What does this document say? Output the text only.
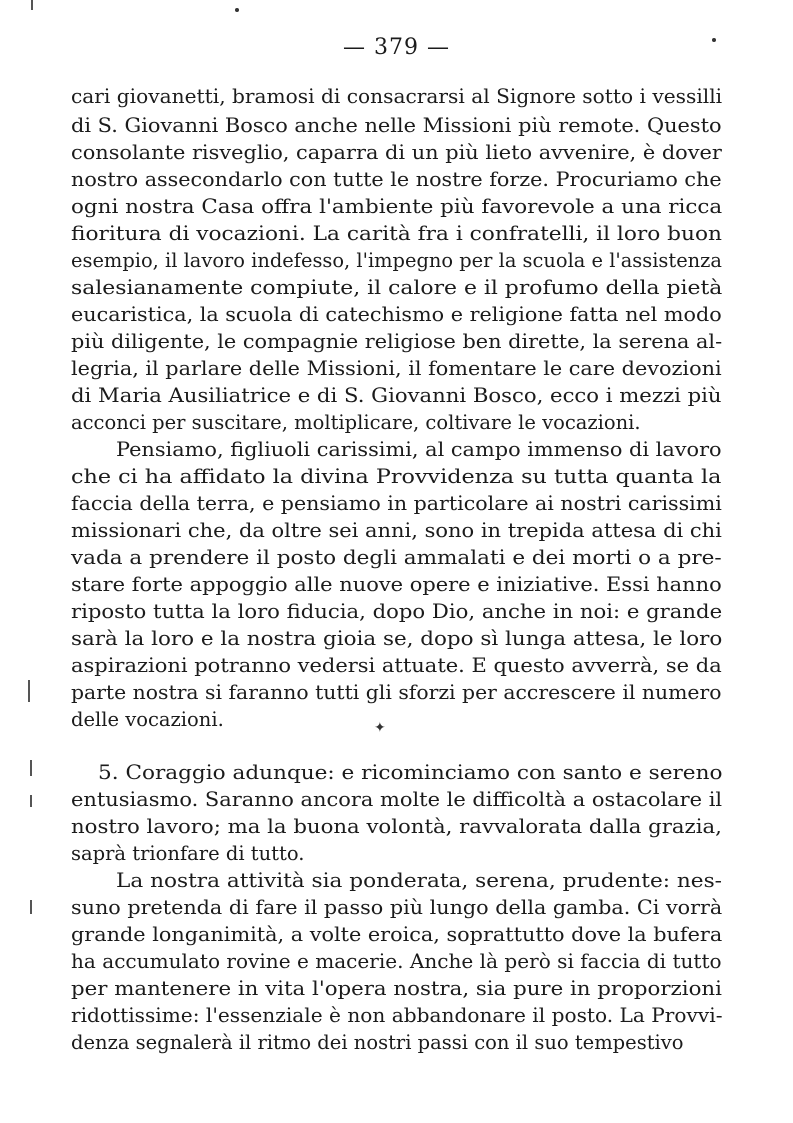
— 379 —
cari giovanetti, bramosi di consacrarsi al Signore sotto i vessilli
di S. Giovanni Bosco anche nelle Missioni più remote. Questo
consolante risveglio, caparra di un più lieto avvenire, è dover
nostro assecondarlo con tutte le nostre forze. Procuriamo che
ogni nostra Casa offra l'ambiente più favorevole a una ricca
fioritura di vocazioni. La carità fra i confratelli, il loro buon
esempio, il lavoro indefesso, l'impegno per la scuola e l'assistenza
salesianamente compiute, il calore e il profumo della pietà
eucaristica, la scuola di catechismo e religione fatta nel modo
più diligente, le compagnie religiose ben dirette, la serena al-
legria, il parlare delle Missioni, il fomentare le care devozioni
di Maria Ausiliatrice e di S. Giovanni Bosco, ecco i mezzi più
acconci per suscitare, moltiplicare, coltivare le vocazioni.
Pensiamo, figliuoli carissimi, al campo immenso di lavoro
che ci ha affidato la divina Provvidenza su tutta quanta la
faccia della terra, e pensiamo in particolare ai nostri carissimi
missionari che, da oltre sei anni, sono in trepida attesa di chi
vada a prendere il posto degli ammalati e dei morti o a pre-
stare forte appoggio alle nuove opere e iniziative. Essi hanno
riposto tutta la loro fiducia, dopo Dio, anche in noi: e grande
sarà la loro e la nostra gioia se, dopo sì lunga attesa, le loro
aspirazioni potranno vedersi attuate. E questo avverrà, se da
parte nostra si faranno tutti gli sforzi per accrescere il numero
delle vocazioni.
5. Coraggio adunque: e ricominciamo con santo e sereno
entusiasmo. Saranno ancora molte le difficoltà a ostacolare il
nostro lavoro; ma la buona volontà, ravvalorata dalla grazia,
saprà trionfare di tutto.
La nostra attività sia ponderata, serena, prudente: nes-
suno pretenda di fare il passo più lungo della gamba. Ci vorrà
grande longanimità, a volte eroica, soprattutto dove la bufera
ha accumulato rovine e macerie. Anche là però si faccia di tutto
per mantenere in vita l'opera nostra, sia pure in proporzioni
ridottissime: l'essenziale è non abbandonare il posto. La Provvi-
denza segnalerà il ritmo dei nostri passi con il suo tempestivo
✦
